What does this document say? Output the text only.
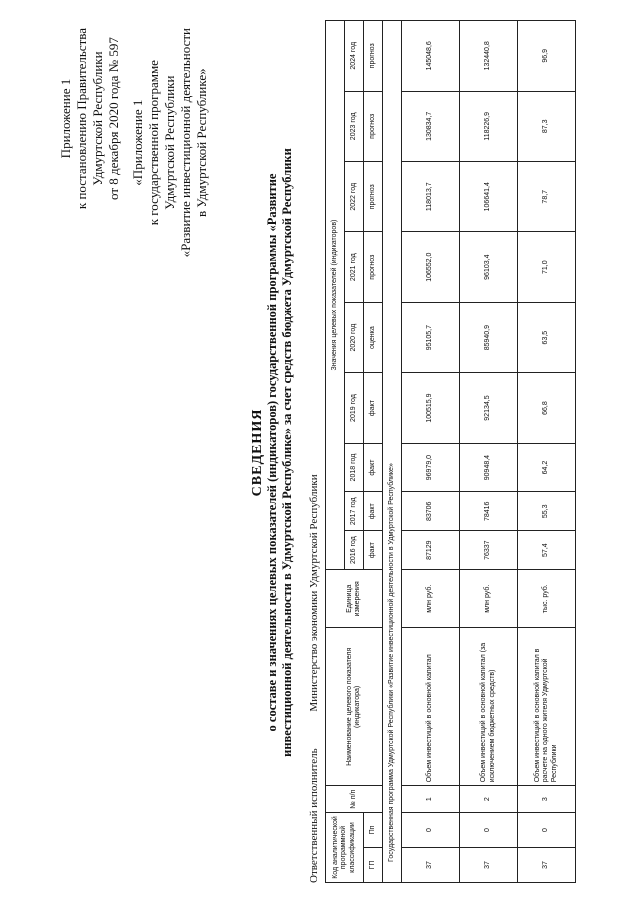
Приложение 1 к постановлению Правительства Удмуртской Республики от 8 декабря 2020 года № 597 «Приложение 1 к государственной программе Удмуртской Республики «Развитие инвестиционной деятельности в Удмуртской Республике»
СВЕДЕНИЯ о составе и значениях целевых показателей (индикаторов) государственной программы «Развитие инвестиционной деятельности в Удмуртской Республике» за счет средств бюджета Удмуртской Республики
Ответственный исполнитель Министерство экономики Удмуртской Республики
Код аналитической программной классификации		№ п/п	Наименование целевого показателя (индикатора)	Единица измерения	Значения целевых показателей (индикаторов)								
					2016 год	2017 год	2018 год	2019 год	2020 год	2021 год	2022 год	2023 год	2024 год
ГП	Пп				факт	факт	факт	факт	оценка	прогноз	прогноз	прогноз	прогноз
Государственная программа Удмуртской Республики «Развитие инвестиционной деятельности в Удмуртской Республике»													
37	0	1	Объем инвестиций в основной капитал	млн руб.	87129	83706	96979,0	100515,9	95105,7	106552,0	118013,7	130834,7	145048,6
37	0	2	Объем инвестиций в основной капитал (за исключением бюджетных средств)	млн руб.	76337	78416	90948,4	92134,5	85940,9	96103,4	106641,4	118226,9	132440,8
37	0	3	Объем инвестиций в основной капитал в расчете на одного жителя Удмуртской Республики	тыс. руб.	57,4	55,3	64,2	66,8	63,5	71,0	78,7	87,3	96,9
